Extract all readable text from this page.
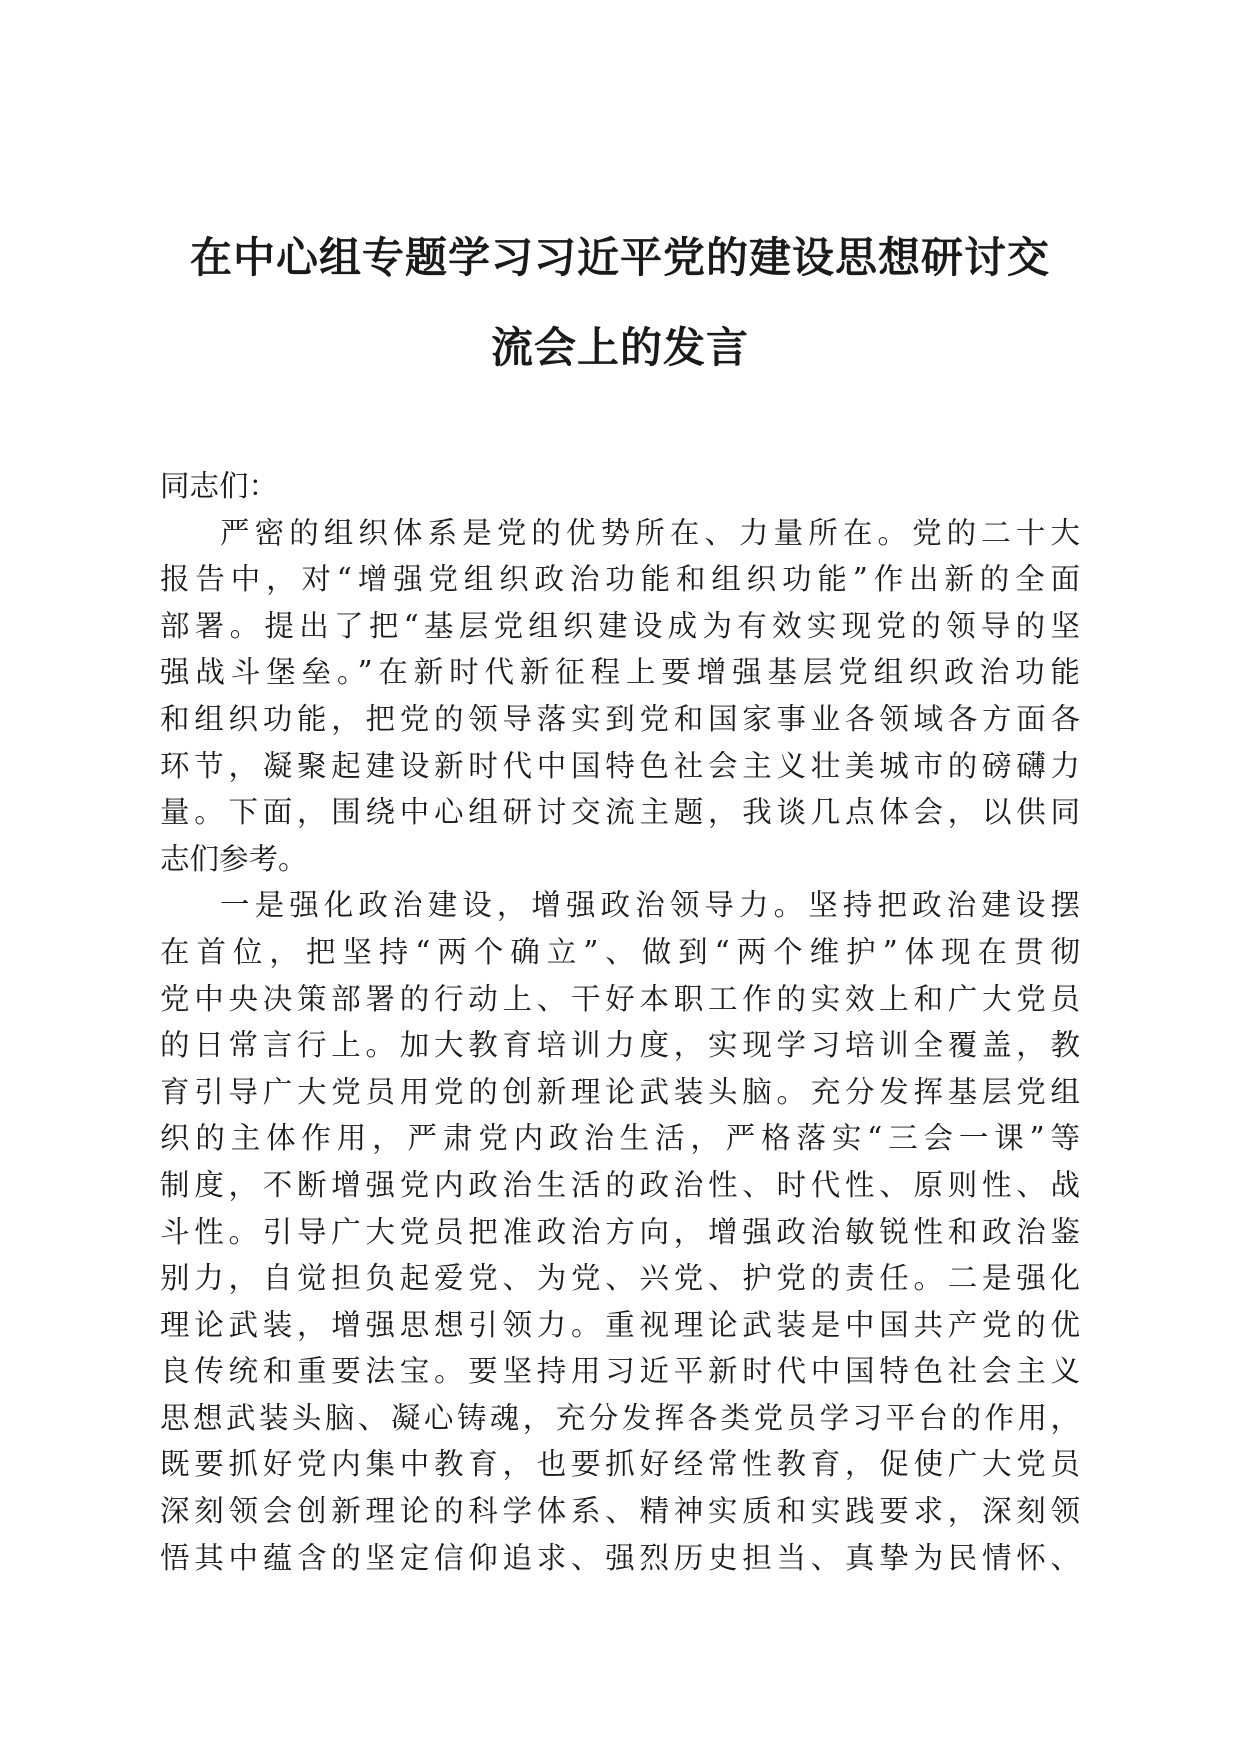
在中心组专题学习习近平党的建设思想研讨交
流会上的发言
同志们：
严密的组织体系是党的优势所在、力量所在。党的二十大
报告中，对“增强党组织政治功能和组织功能”作出新的全面
部署。提出了把“基层党组织建设成为有效实现党的领导的坚
强战斗堡垒。”在新时代新征程上要增强基层党组织政治功能
和组织功能，把党的领导落实到党和国家事业各领域各方面各
环节，凝聚起建设新时代中国特色社会主义壮美城市的磅礴力
量。下面，围绕中心组研讨交流主题，我谈几点体会，以供同
志们参考。
一是强化政治建设，增强政治领导力。坚持把政治建设摆
在首位，把坚持“两个确立”、做到“两个维护”体现在贯彻
党中央决策部署的行动上、干好本职工作的实效上和广大党员
的日常言行上。加大教育培训力度，实现学习培训全覆盖，教
育引导广大党员用党的创新理论武装头脑。充分发挥基层党组
织的主体作用，严肃党内政治生活，严格落实“三会一课”等
制度，不断增强党内政治生活的政治性、时代性、原则性、战
斗性。引导广大党员把准政治方向，增强政治敏锐性和政治鉴
别力，自觉担负起爱党、为党、兴党、护党的责任。二是强化
理论武装，增强思想引领力。重视理论武装是中国共产党的优
良传统和重要法宝。要坚持用习近平新时代中国特色社会主义
思想武装头脑、凝心铸魂，充分发挥各类党员学习平台的作用，
既要抓好党内集中教育，也要抓好经常性教育，促使广大党员
深刻领会创新理论的科学体系、精神实质和实践要求，深刻领
悟其中蕴含的坚定信仰追求、强烈历史担当、真挚为民情怀、
